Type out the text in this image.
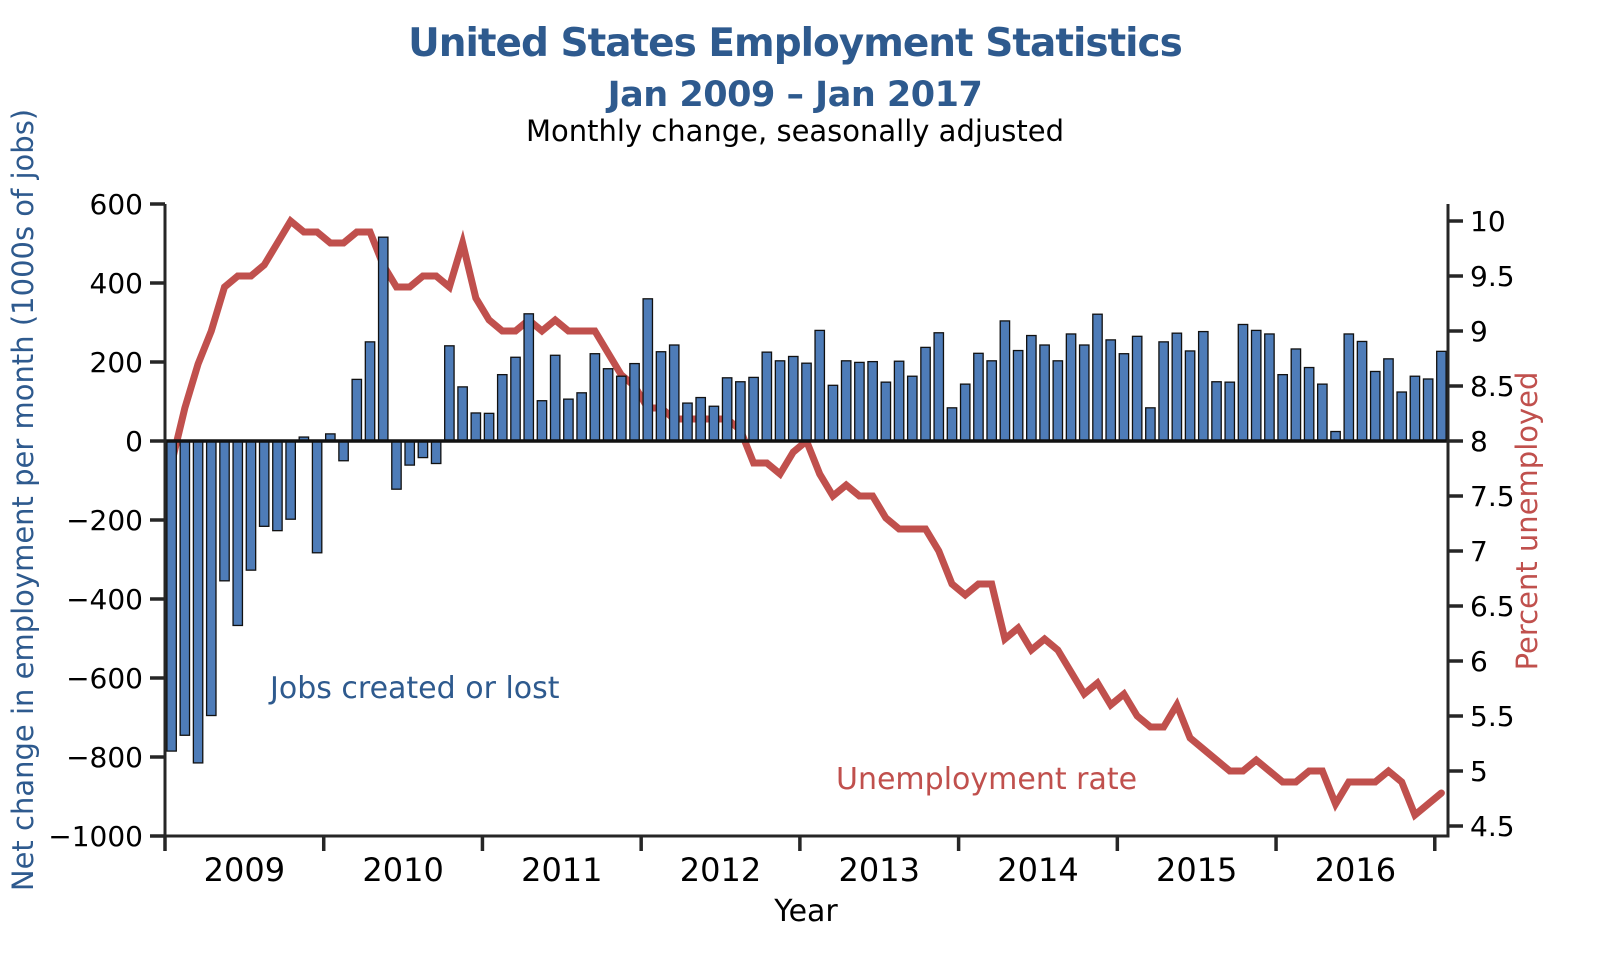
600
400
200
0
−200
−400
−600
−800
−1000
10
9.5
9
8.5
8
7.5
7
6.5
6
5.5
5
4.5
2009 2010 2011 2012 2013 2014 2015 2016
United States Employment Statistics
Jan 2009 – Jan 2017
Monthly change, seasonally adjusted
Net change in employment per month (1000s of jobs)	Percent unemployed
Year
Jobs created or lost
Unemployment rate
